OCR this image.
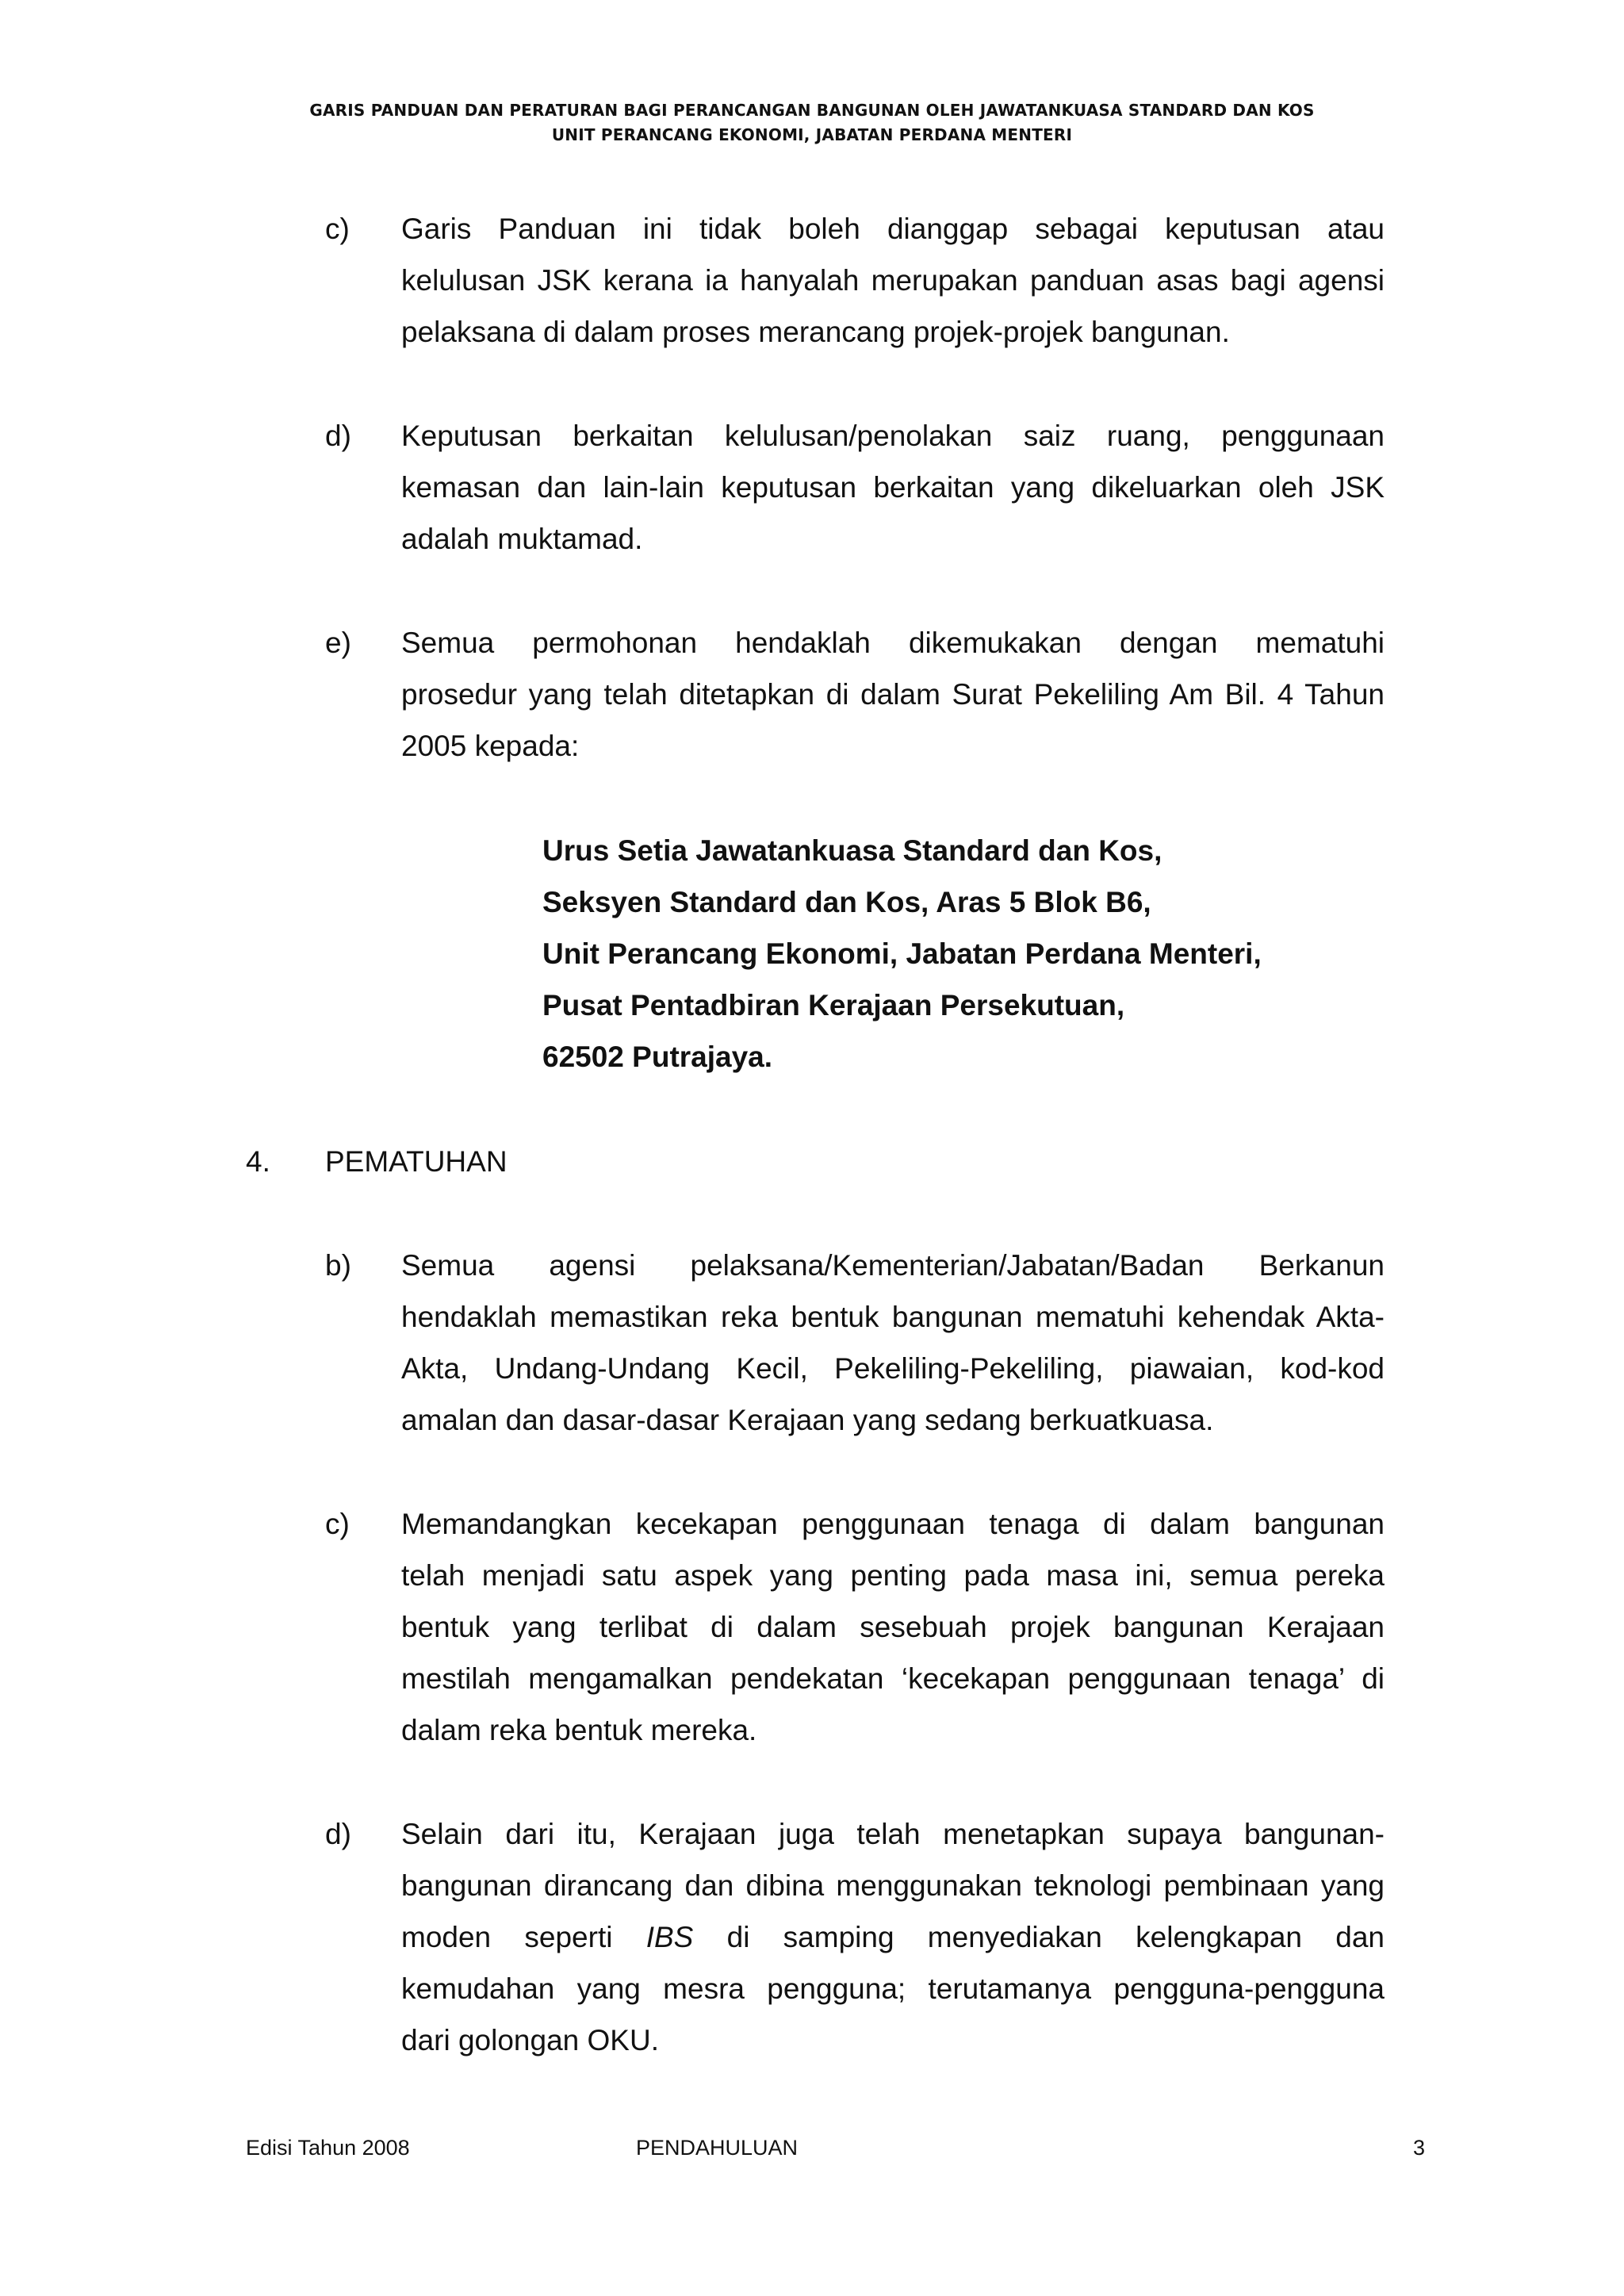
GARIS PANDUAN DAN PERATURAN BAGI PERANCANGAN BANGUNAN OLEH JAWATANKUASA STANDARD DAN KOS
UNIT PERANCANG EKONOMI, JABATAN PERDANA MENTERI
c) Garis Panduan ini tidak boleh dianggap sebagai keputusan atau
kelulusan JSK kerana ia hanyalah merupakan panduan asas bagi agensi
pelaksana di dalam proses merancang projek-projek bangunan.
d) Keputusan berkaitan kelulusan/penolakan saiz ruang, penggunaan
kemasan dan lain-lain keputusan berkaitan yang dikeluarkan oleh JSK
adalah muktamad.
e) Semua permohonan hendaklah dikemukakan dengan mematuhi
prosedur yang telah ditetapkan di dalam Surat Pekeliling Am Bil. 4 Tahun
2005 kepada:
Urus Setia Jawatankuasa Standard dan Kos,
Seksyen Standard dan Kos, Aras 5 Blok B6,
Unit Perancang Ekonomi, Jabatan Perdana Menteri,
Pusat Pentadbiran Kerajaan Persekutuan,
62502 Putrajaya.
4. PEMATUHAN
b) Semua agensi pelaksana/Kementerian/Jabatan/Badan Berkanun
hendaklah memastikan reka bentuk bangunan mematuhi kehendak Akta-
Akta, Undang-Undang Kecil, Pekeliling-Pekeliling, piawaian, kod-kod
amalan dan dasar-dasar Kerajaan yang sedang berkuatkuasa.
c) Memandangkan kecekapan penggunaan tenaga di dalam bangunan
telah menjadi satu aspek yang penting pada masa ini, semua pereka
bentuk yang terlibat di dalam sesebuah projek bangunan Kerajaan
mestilah mengamalkan pendekatan ‘kecekapan penggunaan tenaga’ di
dalam reka bentuk mereka.
d) Selain dari itu, Kerajaan juga telah menetapkan supaya bangunan-
bangunan dirancang dan dibina menggunakan teknologi pembinaan yang
moden seperti IBS di samping menyediakan kelengkapan dan
kemudahan yang mesra pengguna; terutamanya pengguna-pengguna
dari golongan OKU.
Edisi Tahun 2008	PENDAHULUAN	3
